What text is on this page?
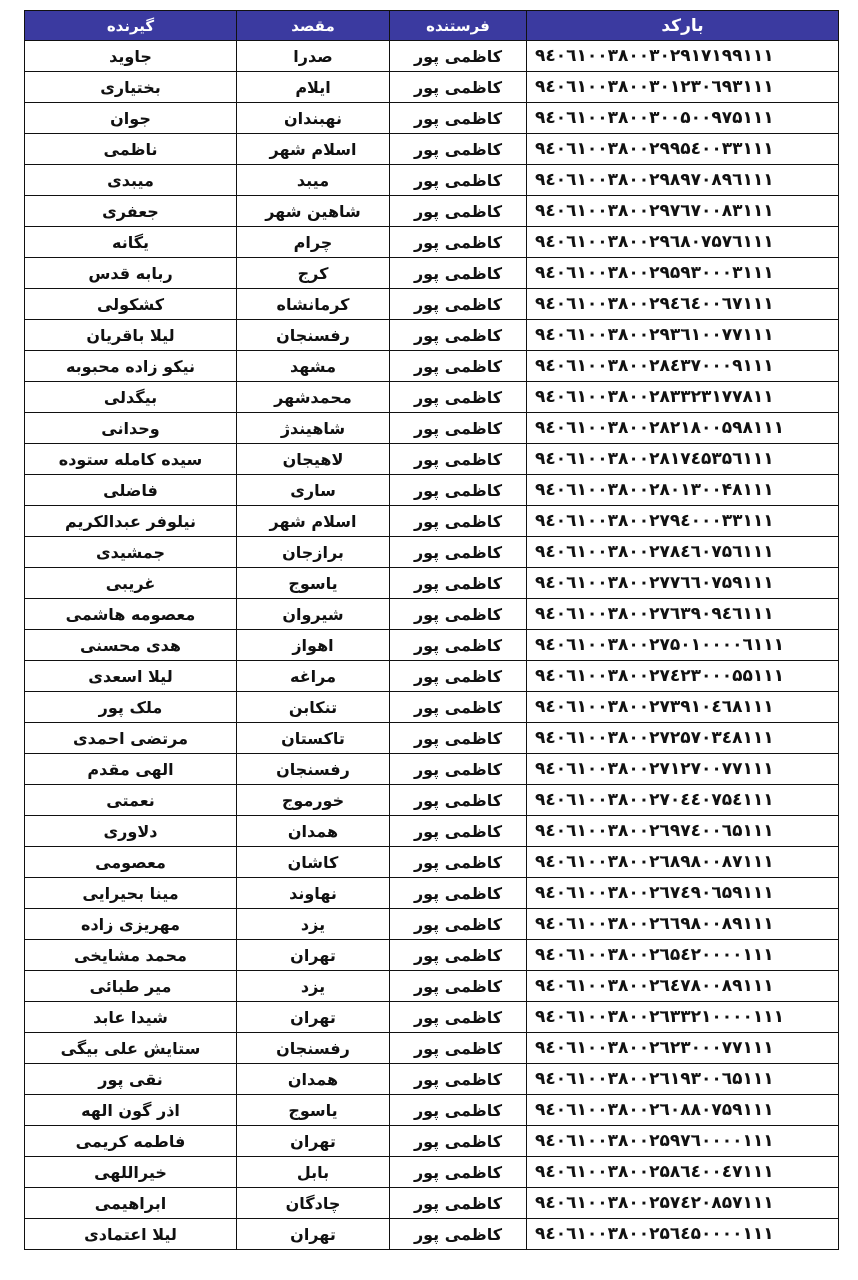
بارکد	فرستنده	مقصد	گیرنده
۹٤۰٦۱۰۰۳۸۰۰۳۰۲۹۱۷۱۹۹۱۱۱	کاظمی پور	صدرا	جاوید
۹٤۰٦۱۰۰۳۸۰۰۳۰۱۲۳۰٦۹۳۱۱۱	کاظمی پور	ایلام	بختیاری
۹٤۰٦۱۰۰۳۸۰۰۳۰۰۵۰۰۹۷۵۱۱۱	کاظمی پور	نهبندان	جوان
۹٤۰٦۱۰۰۳۸۰۰۲۹۹۵٤۰۰۳۳۱۱۱	کاظمی پور	اسلام شهر	ناظمی
۹٤۰٦۱۰۰۳۸۰۰۲۹۸۹۷۰۸۹٦۱۱۱	کاظمی پور	میبد	میبدی
۹٤۰٦۱۰۰۳۸۰۰۲۹۷٦۷۰۰۸۳۱۱۱	کاظمی پور	شاهین شهر	جعفری
۹٤۰٦۱۰۰۳۸۰۰۲۹٦۸۰۷۵۷٦۱۱۱	کاظمی پور	چرام	یگانه
۹٤۰٦۱۰۰۳۸۰۰۲۹۵۹۳۰۰۰۳۱۱۱	کاظمی پور	کرج	ربابه قدس
۹٤۰٦۱۰۰۳۸۰۰۲۹٤٦٤۰۰٦۷۱۱۱	کاظمی پور	کرمانشاه	کشکولی
۹٤۰٦۱۰۰۳۸۰۰۲۹۳٦۱۰۰۷۷۱۱۱	کاظمی پور	رفسنجان	لیلا باقریان
۹٤۰٦۱۰۰۳۸۰۰۲۸٤۳۷۰۰۰۹۱۱۱	کاظمی پور	مشهد	نیکو زاده محبوبه
۹٤۰٦۱۰۰۳۸۰۰۲۸۳۳۲۳۱۷۷۸۱۱	کاظمی پور	محمدشهر	بیگدلی
۹٤۰٦۱۰۰۳۸۰۰۲۸۲۱۸۰۰۵۹۸۱۱۱	کاظمی پور	شاهیندژ	وحدانی
۹٤۰٦۱۰۰۳۸۰۰۲۸۱۷٤۵۳۵٦۱۱۱	کاظمی پور	لاهیجان	سیده کامله ستوده
۹٤۰٦۱۰۰۳۸۰۰۲۸۰۱۳۰۰۴۸۱۱۱	کاظمی پور	ساری	فاضلی
۹٤۰٦۱۰۰۳۸۰۰۲۷۹٤۰۰۰۳۳۱۱۱	کاظمی پور	اسلام شهر	نیلوفر عبدالکریم
۹٤۰٦۱۰۰۳۸۰۰۲۷۸٤٦۰۷۵٦۱۱۱	کاظمی پور	برازجان	جمشیدی
۹٤۰٦۱۰۰۳۸۰۰۲۷۷٦٦۰۷۵۹۱۱۱	کاظمی پور	یاسوج	غریبی
۹٤۰٦۱۰۰۳۸۰۰۲۷٦۳۹۰۹٤٦۱۱۱	کاظمی پور	شیروان	معصومه هاشمی
۹٤۰٦۱۰۰۳۸۰۰۲۷۵۰۱۰۰۰۰٦۱۱۱	کاظمی پور	اهواز	هدی محسنی
۹٤۰٦۱۰۰۳۸۰۰۲۷٤۲۳۰۰۰۵۵۱۱۱	کاظمی پور	مراغه	لیلا اسعدی
۹٤۰٦۱۰۰۳۸۰۰۲۷۳۹۱۰٤٦۸۱۱۱	کاظمی پور	تنکابن	ملک پور
۹٤۰٦۱۰۰۳۸۰۰۲۷۲۵۷۰۳٤۸۱۱۱	کاظمی پور	تاکستان	مرتضی احمدی
۹٤۰٦۱۰۰۳۸۰۰۲۷۱۲۷۰۰۷۷۱۱۱	کاظمی پور	رفسنجان	الهی مقدم
۹٤۰٦۱۰۰۳۸۰۰۲۷۰٤٤۰۷۵٤۱۱۱	کاظمی پور	خورموج	نعمتی
۹٤۰٦۱۰۰۳۸۰۰۲٦۹۷٤۰۰٦۵۱۱۱	کاظمی پور	همدان	دلاوری
۹٤۰٦۱۰۰۳۸۰۰۲٦۸۹۸۰۰۸۷۱۱۱	کاظمی پور	کاشان	معصومی
۹٤۰٦۱۰۰۳۸۰۰۲٦۷٤۹۰٦۵۹۱۱۱	کاظمی پور	نهاوند	مینا بحیرایی
۹٤۰٦۱۰۰۳۸۰۰۲٦٦۹۸۰۰۸۹۱۱۱	کاظمی پور	یزد	مهریزی زاده
۹٤۰٦۱۰۰۳۸۰۰۲٦۵٤۲۰۰۰۰۱۱۱	کاظمی پور	تهران	محمد مشایخی
۹٤۰٦۱۰۰۳۸۰۰۲٦٤۷۸۰۰۸۹۱۱۱	کاظمی پور	یزد	میر طبائی
۹٤۰٦۱۰۰۳۸۰۰۲٦۳۳۲۱۰۰۰۰۱۱۱	کاظمی پور	تهران	شیدا عابد
۹٤۰٦۱۰۰۳۸۰۰۲٦۲۳۰۰۰۷۷۱۱۱	کاظمی پور	رفسنجان	ستایش علی بیگی
۹٤۰٦۱۰۰۳۸۰۰۲٦۱۹۳۰۰٦۵۱۱۱	کاظمی پور	همدان	نقی پور
۹٤۰٦۱۰۰۳۸۰۰۲٦۰۸۸۰۷۵۹۱۱۱	کاظمی پور	یاسوج	اذر گون الهه
۹٤۰٦۱۰۰۳۸۰۰۲۵۹۷٦۰۰۰۰۱۱۱	کاظمی پور	تهران	فاطمه کریمی
۹٤۰٦۱۰۰۳۸۰۰۲۵۸٦٤۰۰٤۷۱۱۱	کاظمی پور	بابل	خیراللهی
۹٤۰٦۱۰۰۳۸۰۰۲۵۷٤۲۰۸۵۷۱۱۱	کاظمی پور	چادگان	ابراهیمی
۹٤۰٦۱۰۰۳۸۰۰۲۵٦٤۵۰۰۰۰۱۱۱	کاظمی پور	تهران	لیلا اعتمادی
